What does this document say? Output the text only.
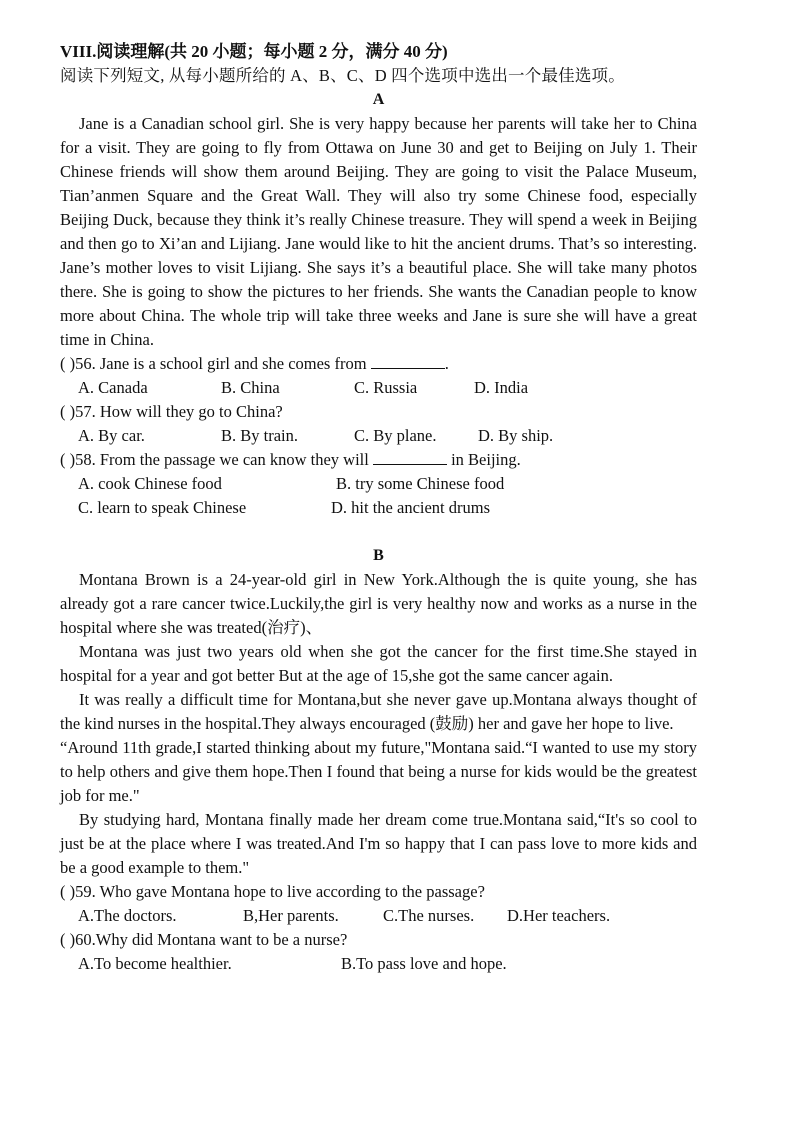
VIII.阅读理解(共 20 小题；每小题 2 分，满分 40 分)
阅读下列短文, 从每小题所给的 A、B、C、D 四个选项中选出一个最佳选项。
A

Jane is a Canadian school girl. She is very happy because her parents will take her to China for a visit. They are going to fly from Ottawa on June 30 and get to Beijing on July 1. Their Chinese friends will show them around Beijing. They are going to visit the Palace Museum, Tian’anmen Square and the Great Wall. They will also try some Chinese food, especially Beijing Duck, because they think it’s really Chinese treasure. They will spend a week in Beijing and then go to Xi’an and Lijiang. Jane would like to hit the ancient drums. That’s so interesting. Jane’s mother loves to visit Lijiang. She says it’s a beautiful place. She will take many photos there. She is going to show the pictures to her friends. She wants the Canadian people to know more about China. The whole trip will take three weeks and Jane is sure she will have a great time in China.

( )56. Jane is a school girl and she comes from	.
A. Canada	B. China	C. Russia	D. India
( )57. How will they go to China?
A. By car.	B. By train.	C. By plane.	D. By ship.
( )58. From the passage we can know they will	in Beijing.
A. cook Chinese food	B. try some Chinese food
C. learn to speak Chinese	D. hit the ancient drums
B

Montana Brown is a 24-year-old girl in New York.Although the is quite young, she has already got a rare cancer twice.Luckily,the girl is very healthy now and works as a nurse in the hospital where she was treated(治疗)、

Montana was just two years old when she got the cancer for the first time.She stayed in hospital for a year and got better But at the age of 15,she got the same cancer again.

It was really a difficult time for Montana,but she never gave up.Montana always thought of the kind nurses in the hospital.They always encouraged (鼓励) her and gave her hope to live.

“Around 11th grade,I started thinking about my future,"Montana said.“I wanted to use my story to help others and give them hope.Then I found that being a nurse for kids would be the greatest job for me."

By studying hard, Montana finally made her dream come true.Montana said,“It's so cool to just be at the place where I was treated.And I'm so happy that I can pass love to more kids and be a good example to them."

( )59. Who gave Montana hope to live according to the passage?
A.The doctors.	B,Her parents.	C.The nurses. D.Her teachers.
( )60.Why did Montana want to be a nurse?
A.To become healthier.	B.To pass love and hope.
